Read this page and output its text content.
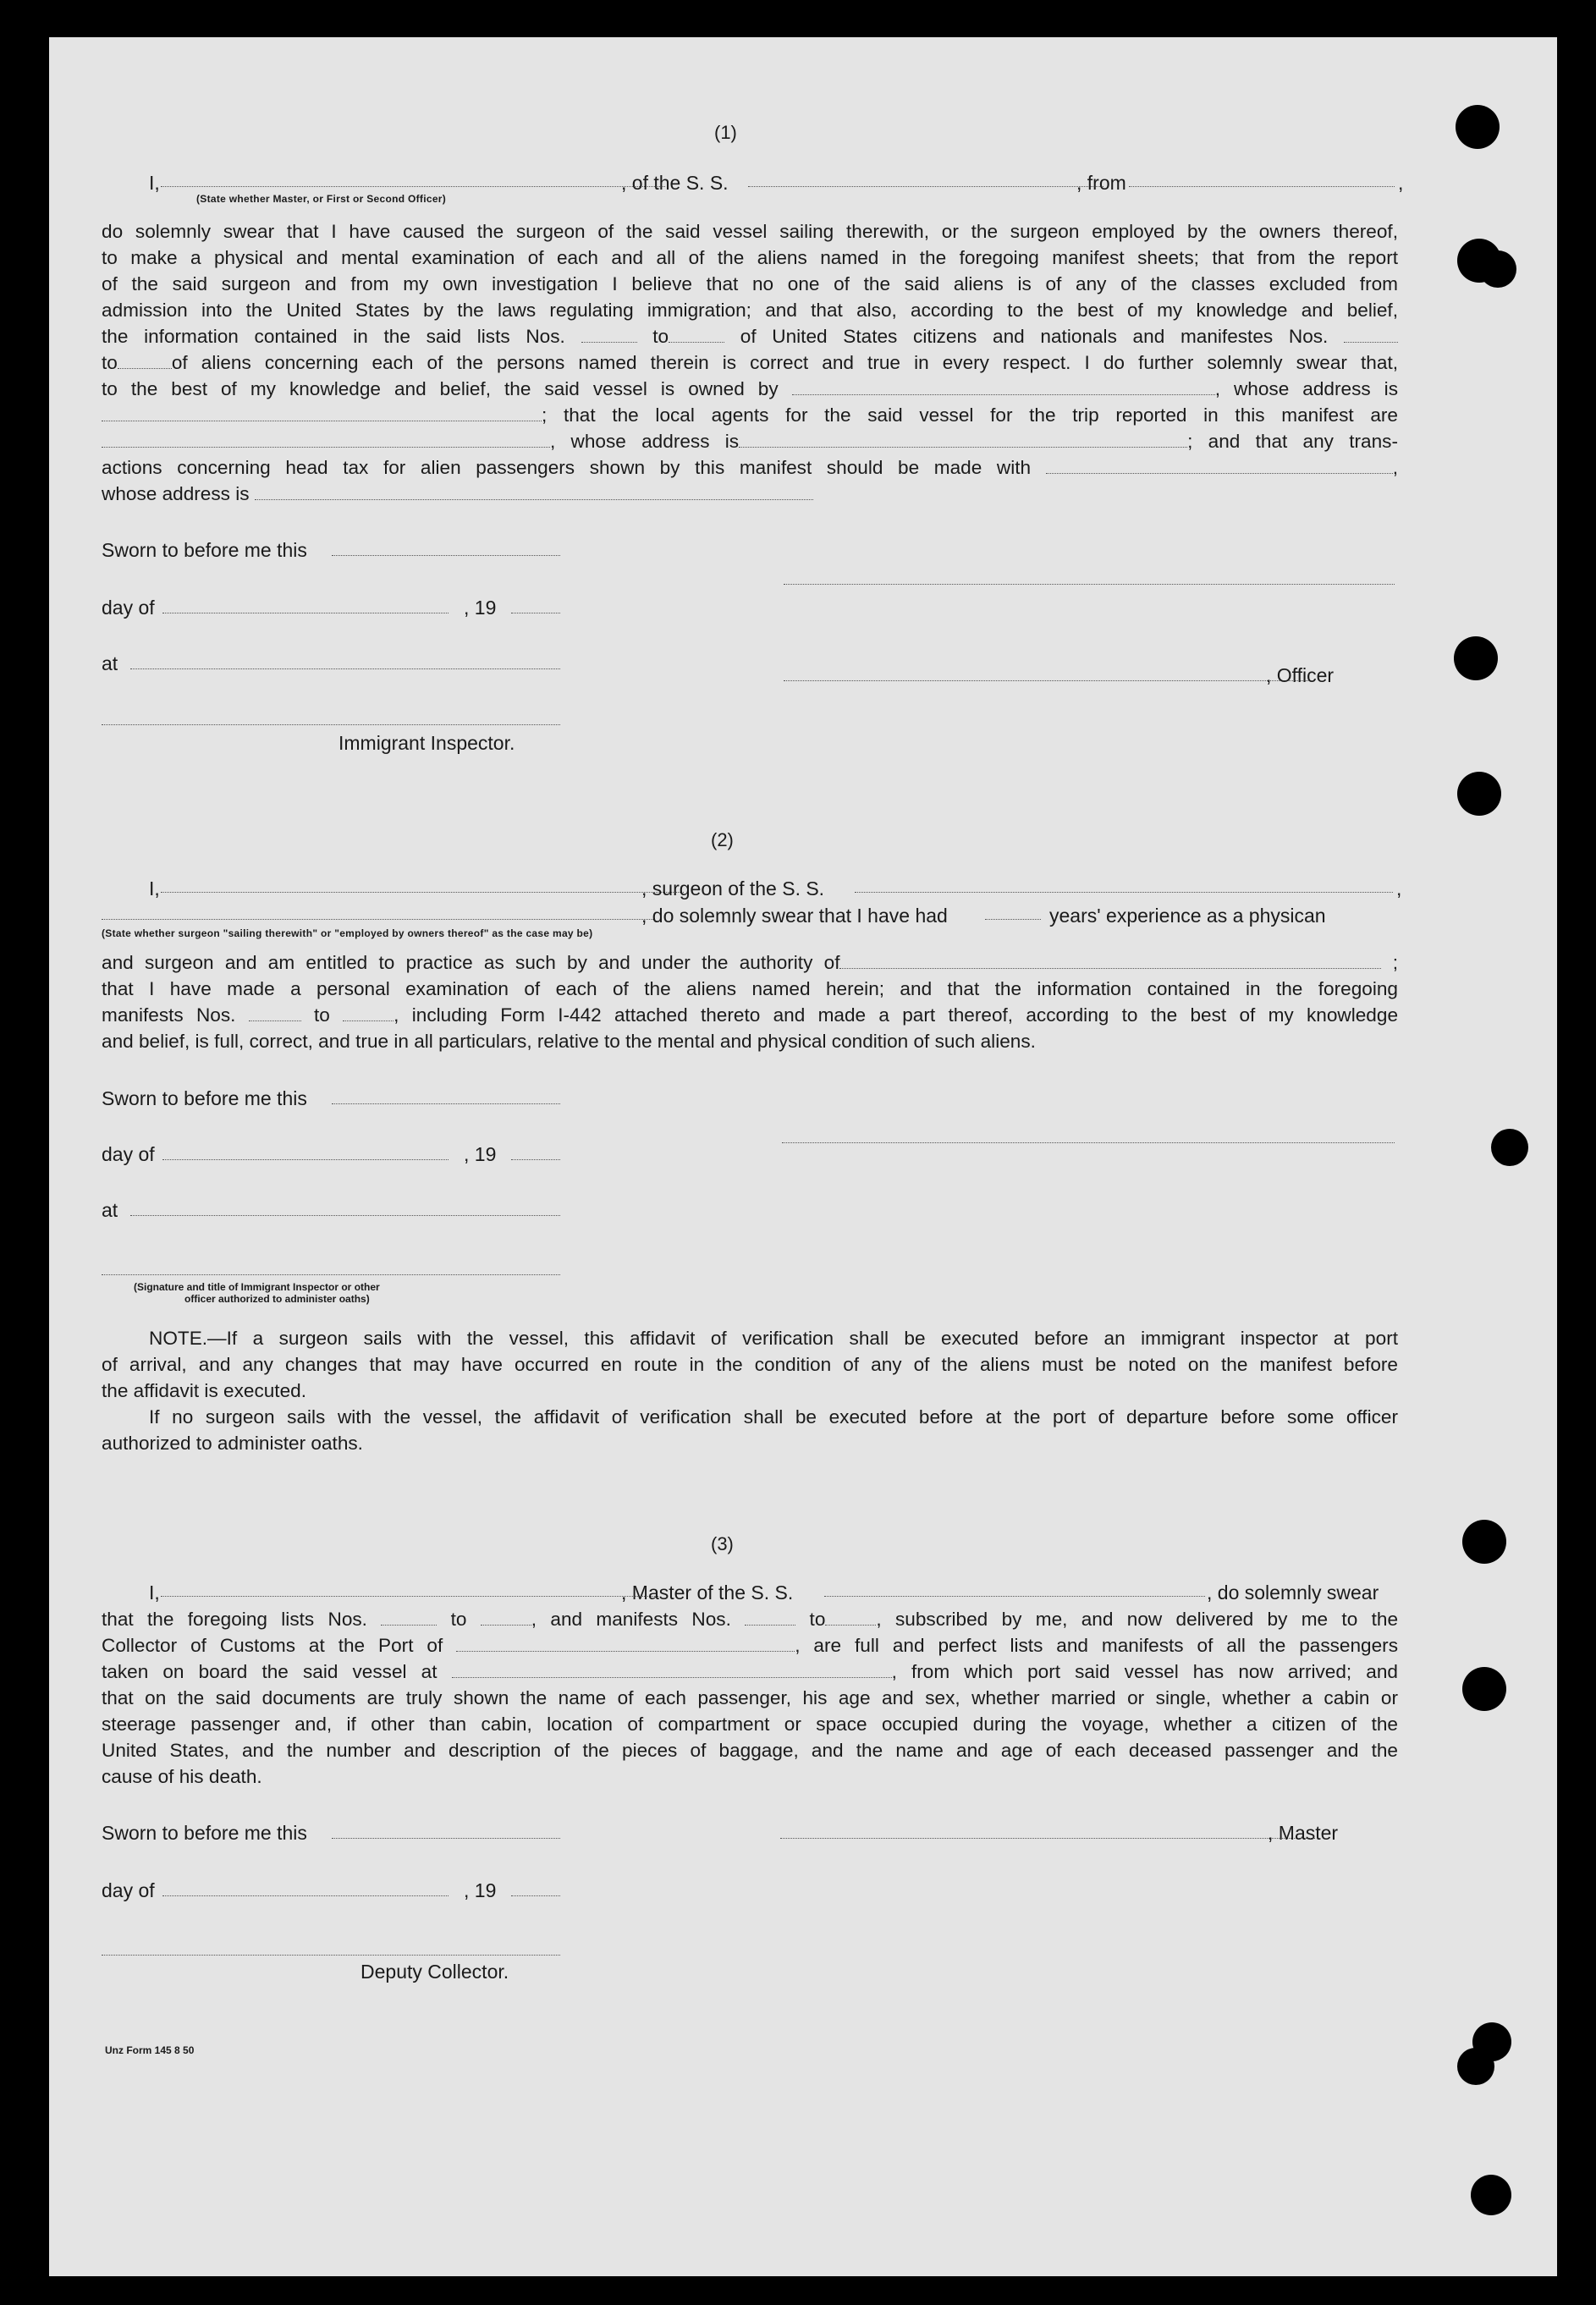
(1)
I,	, of the S. S.	, from	,
(State whether Master, or First or Second Officer)

do solemnly swear that I have caused the surgeon of the said vessel sailing therewith, or the surgeon employed by the owners thereof,

to make a physical and mental examination of each and all of the aliens named in the foregoing manifest sheets; that from the report

of the said surgeon and from my own investigation I believe that no one of the said aliens is of any of the classes excluded from

admission into the United States by the laws regulating immigration; and that also, according to the best of my knowledge and belief,

the information contained in the said lists Nos.	to	of United States citizens and nationals and manifestes Nos.

to	of aliens concerning each of the persons named therein is correct and true in every respect. I do further solemnly swear that,

to the best of my knowledge and belief, the said vessel is owned by	, whose address is

; that the local agents for the said vessel for the trip reported in this manifest are

, whose address is	; and that any trans-

actions concerning head tax for alien passengers shown by this manifest should be made with	,

whose address is

Sworn to before me this
day of	, 19
at
, Officer
Immigrant Inspector.
(2)
I,	, surgeon of the S. S.	,
, do solemnly swear that I have had	years' experience as a physican
(State whether surgeon "sailing therewith" or "employed by owners thereof" as the case may be)

and surgeon and am entitled to practice as such by and under the authority of	;

that I have made a personal examination of each of the aliens named herein; and that the information contained in the foregoing

manifests Nos.	to	, including Form I-442 attached thereto and made a part thereof, according to the best of my knowledge

and belief, is full, correct, and true in all particulars, relative to the mental and physical condition of such aliens.

Sworn to before me this
day of	, 19
at
(Signature and title of Immigrant Inspector or other
officer authorized to administer oaths)

NOTE.—If a surgeon sails with the vessel, this affidavit of verification shall be executed before an immigrant inspector at port

of arrival, and any changes that may have occurred en route in the condition of any of the aliens must be noted on the manifest before

the affidavit is executed.

If no surgeon sails with the vessel, the affidavit of verification shall be executed before at the port of departure before some officer

authorized to administer oaths.

(3)
I,	, Master of the S. S.	, do solemnly swear

that the foregoing lists Nos.	to	, and manifests Nos.	to	, subscribed by me, and now delivered by me to the

Collector of Customs at the Port of	, are full and perfect lists and manifests of all the passengers

taken on board the said vessel at	, from which port said vessel has now arrived; and

that on the said documents are truly shown the name of each passenger, his age and sex, whether married or single, whether a cabin or

steerage passenger and, if other than cabin, location of compartment or space occupied during the voyage, whether a citizen of the

United States, and the number and description of the pieces of baggage, and the name and age of each deceased passenger and the

cause of his death.

Sworn to before me this	, Master
day of	, 19
Deputy Collector.
Unz Form 145 8 50
